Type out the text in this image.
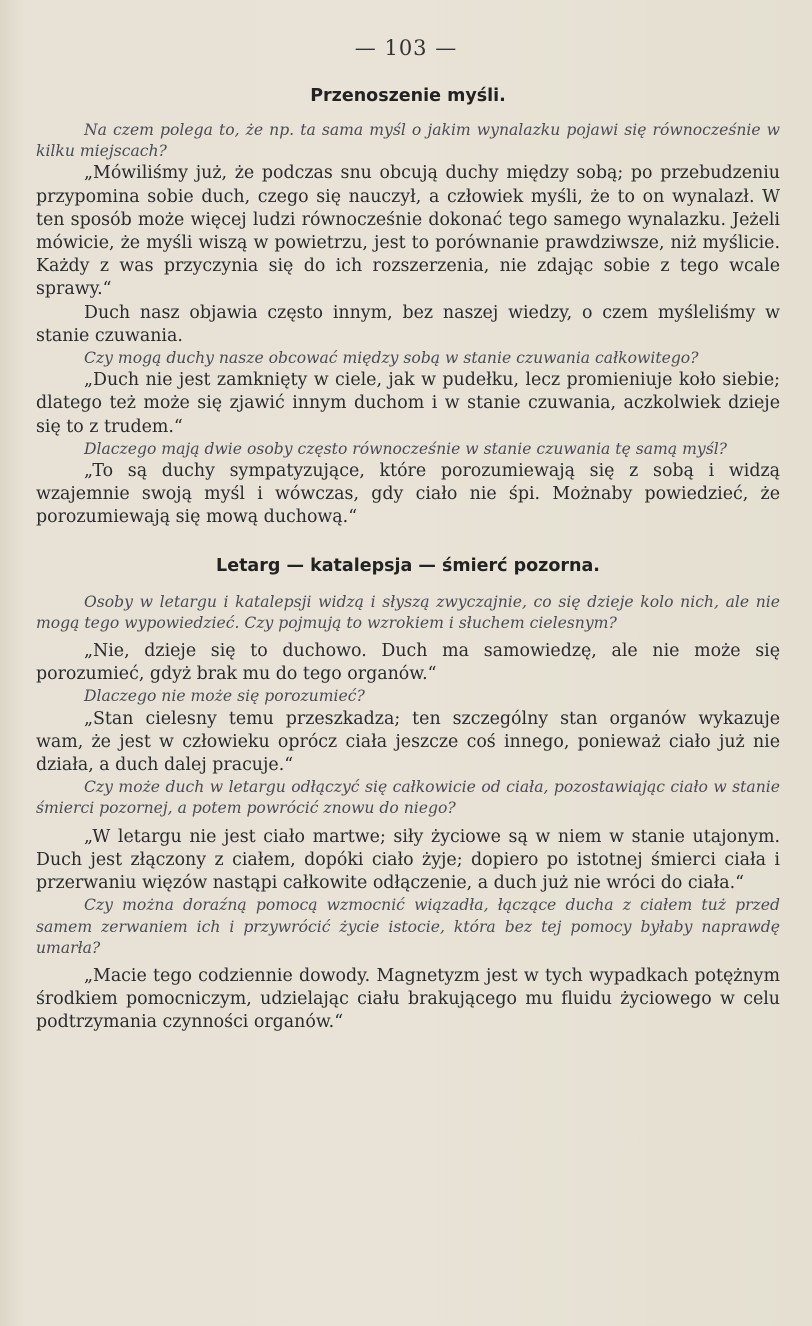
— 103 —
Przenoszenie myśli.

Na czem polega to, że np. ta sama myśl o jakim wynalazku pojawi się równocześnie w kilku miejscach?

„Mówiliśmy już, że podczas snu obcują duchy między sobą; po przebudzeniu przypomina sobie duch, czego się nauczył, a człowiek myśli, że to on wynalazł. W ten sposób może więcej ludzi równocześnie dokonać tego samego wynalazku. Jeżeli mówicie, że myśli wiszą w powietrzu, jest to porównanie prawdziwsze, niż myślicie. Każdy z was przyczynia się do ich rozszerzenia, nie zdając sobie z tego wcale sprawy.“

Duch nasz objawia często innym, bez naszej wiedzy, o czem myśleliśmy w stanie czuwania.

Czy mogą duchy nasze obcować między sobą w stanie czuwania całkowitego?

„Duch nie jest zamknięty w ciele, jak w pudełku, lecz promieniuje koło siebie; dlatego też może się zjawić innym duchom i w stanie czuwania, aczkolwiek dzieje się to z trudem.“

Dlaczego mają dwie osoby często równocześnie w stanie czuwania tę samą myśl?

„To są duchy sympatyzujące, które porozumiewają się z sobą i widzą wzajemnie swoją myśl i wówczas, gdy ciało nie śpi. Możnaby powiedzieć, że porozumiewają się mową duchową.“

Letarg — katalepsja — śmierć pozorna.

Osoby w letargu i katalepsji widzą i słyszą zwyczajnie, co się dzieje kolo nich, ale nie mogą tego wypowiedzieć. Czy pojmują to wzrokiem i słuchem cielesnym?

„Nie, dzieje się to duchowo. Duch ma samowiedzę, ale nie może się porozumieć, gdyż brak mu do tego organów.“

Dlaczego nie może się porozumieć?

„Stan cielesny temu przeszkadza; ten szczególny stan organów wykazuje wam, że jest w człowieku oprócz ciała jeszcze coś innego, ponieważ ciało już nie działa, a duch dalej pracuje.“

Czy może duch w letargu odłączyć się całkowicie od ciała, pozostawiając ciało w stanie śmierci pozornej, a potem powrócić znowu do niego?

„W letargu nie jest ciało martwe; siły życiowe są w niem w stanie utajonym. Duch jest złączony z ciałem, dopóki ciało żyje; dopiero po istotnej śmierci ciała i przerwaniu więzów nastąpi całkowite odłączenie, a duch już nie wróci do ciała.“

Czy można doraźną pomocą wzmocnić wiązadła, łączące ducha z ciałem tuż przed samem zerwaniem ich i przywrócić życie istocie, która bez tej pomocy byłaby naprawdę umarła?

„Macie tego codziennie dowody. Magnetyzm jest w tych wypadkach potężnym środkiem pomocniczym, udzielając ciału brakującego mu fluidu życiowego w celu podtrzymania czynności organów.“
